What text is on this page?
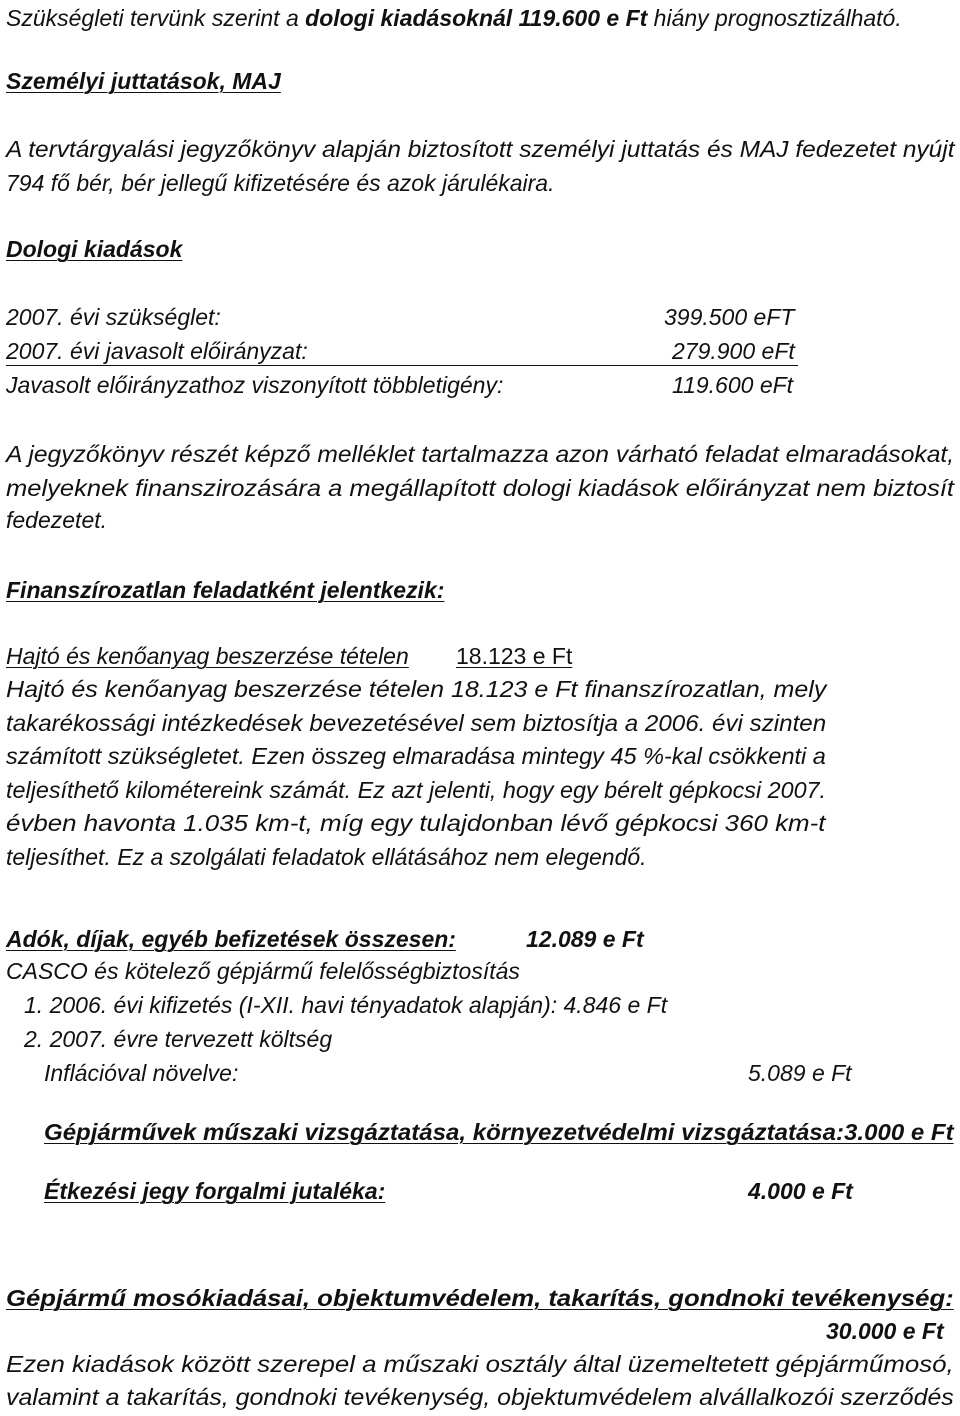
Szükségleti tervünk szerint a dologi kiadásoknál 119.600 e Ft hiány prognosztizálható.
Személyi juttatások, MAJ
A tervtárgyalási jegyzőkönyv alapján biztosított személyi juttatás és MAJ fedezetet nyújt
794 fő bér, bér jellegű kifizetésére és azok járulékaira.
Dologi kiadások
2007. évi szükséglet:	399.500 eFT
2007. évi javasolt előirányzat:	279.900 eFt
Javasolt előirányzathoz viszonyított többletigény:	119.600 eFt
A jegyzőkönyv részét képző melléklet tartalmazza azon várható feladat elmaradásokat,
melyeknek finanszirozására a megállapított dologi kiadások előirányzat nem biztosít
fedezetet.
Finanszírozatlan feladatként jelentkezik:
Hajtó és kenőanyag beszerzése tételen 18.123 e Ft
Hajtó és kenőanyag beszerzése tételen 18.123 e Ft finanszírozatlan, mely
takarékossági intézkedések bevezetésével sem biztosítja a 2006. évi szinten
számított szükségletet. Ezen összeg elmaradása mintegy 45 %-kal csökkenti a
teljesíthető kilométereink számát. Ez azt jelenti, hogy egy bérelt gépkocsi 2007.
évben havonta 1.035 km-t, míg egy tulajdonban lévő gépkocsi 360 km-t
teljesíthet. Ez a szolgálati feladatok ellátásához nem elegendő.
Adók, díjak, egyéb befizetések összesen:	12.089 e Ft
CASCO és kötelező gépjármű felelősségbiztosítás
1. 2006. évi kifizetés (I-XII. havi tényadatok alapján): 4.846 e Ft
2. 2007. évre tervezett költség
Inflációval növelve:	5.089 e Ft
Gépjárművek műszaki vizsgáztatása, környezetvédelmi vizsgáztatása:3.000 e Ft
Étkezési jegy forgalmi jutaléka:	4.000 e Ft
Gépjármű mosókiadásai, objektumvédelem, takarítás, gondnoki tevékenység:
30.000 e Ft
Ezen kiadások között szerepel a műszaki osztály által üzemeltetett gépjárműmosó,
valamint a takarítás, gondnoki tevékenység, objektumvédelem alvállalkozói szerződés
